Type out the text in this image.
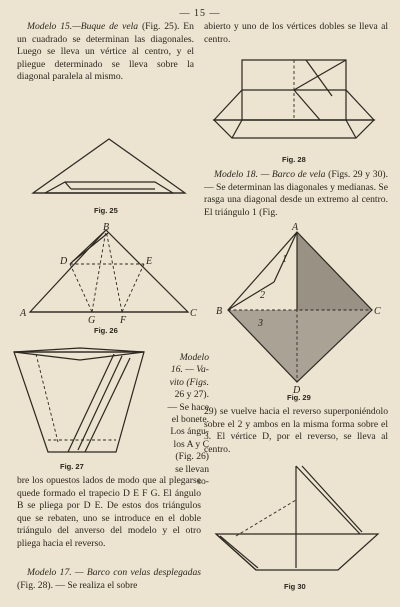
— 15 —
Modelo 15.—Buque de vela (Fig. 25). En un cuadrado se determinan las diagonales. Luego se lleva un vértice al centro, y el pliegue determinado se lleva sobre la diagonal paralela al mismo.
Fig. 25
A
B
C
D	E
G F
Fig. 26
Fig. 27
Modelo
16. — Va-
vito (Figs.
26 y 27).
— Se hace
el bonete.
Los ángu-
los A y C
(Fig. 26)
se llevan so-
bre los opuestos lados de modo que al plegarse quede formado el trapecio D E F G. El ángulo B se pliega por D E. De estos dos triángulos que se rebaten, uno se introduce en el doble triángulo del anverso del modelo y el otro pliega hacia el reverso.
Modelo 17. — Barco con velas desplegadas (Fig. 28). — Se realiza el sobre
abierto y uno de los vértices dobles se lleva al centro.
Fig. 28
Modelo 18. — Barco de vela (Figs. 29 y 30). — Se determinan las diagonales y medianas. Se rasga una diagonal desde un extremo al centro. El triángulo 1 (Fig.
A
B	C
D
1
2
3
Fig. 29
29) se vuelve hacia el reverso superponiéndolo sobre el 2 y ambos en la misma forma sobre el 3. El vértice D, por el reverso, se lleva al centro.
Fig 30
